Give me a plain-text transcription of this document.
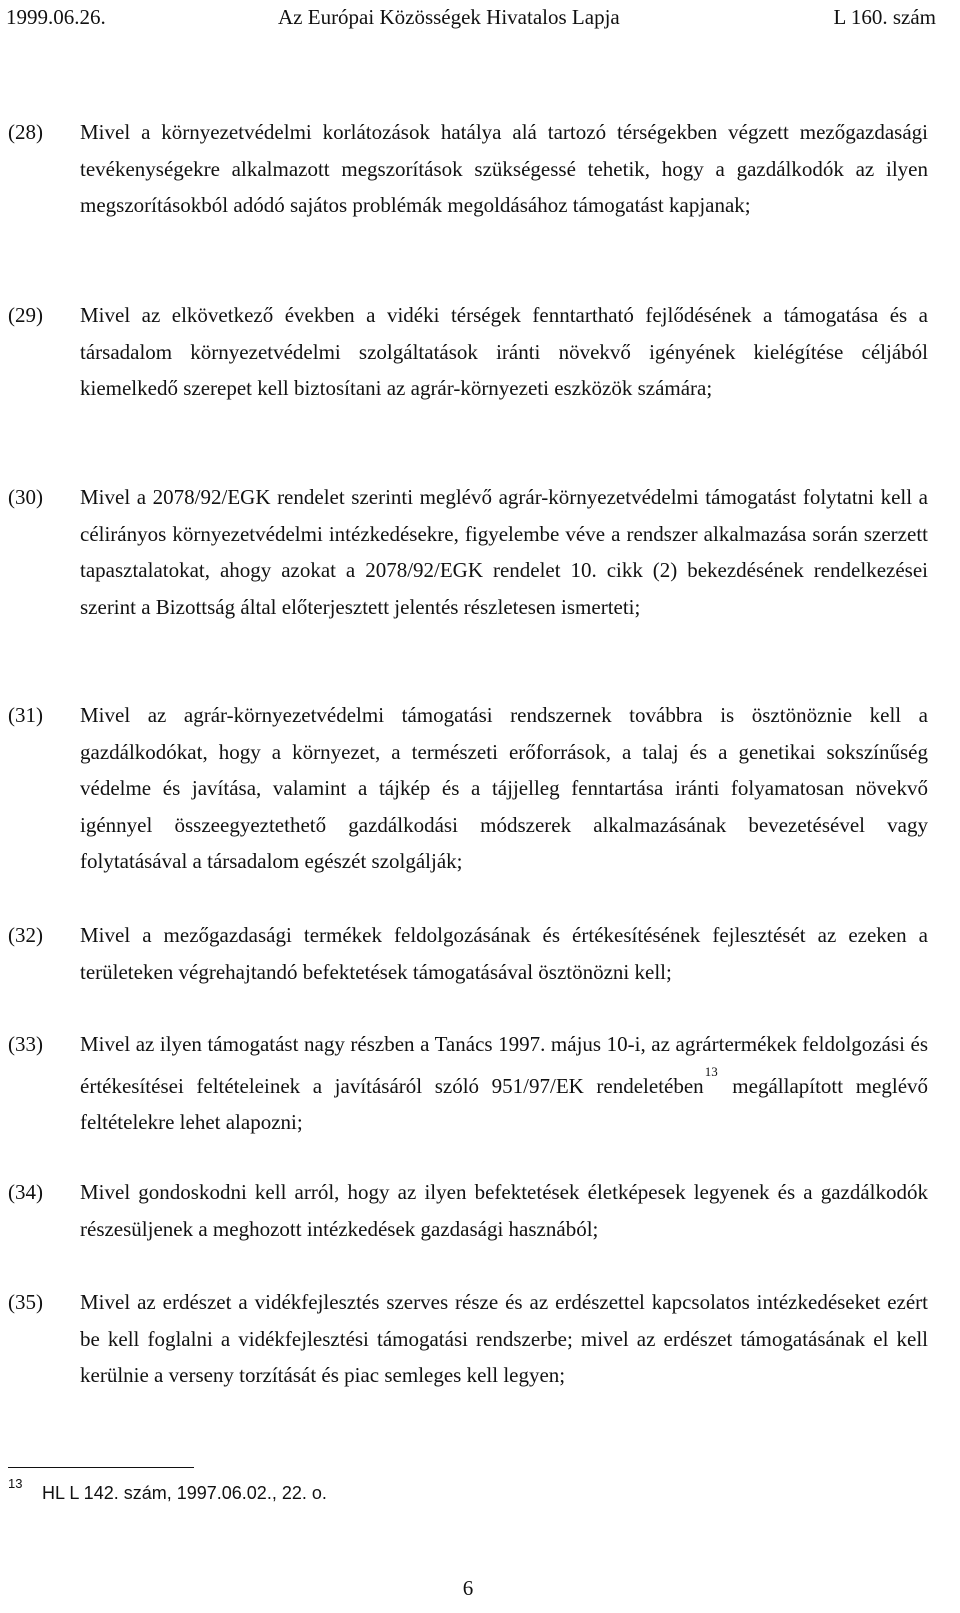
1999.06.26.	Az Európai Közösségek Hivatalos Lapja	L 160. szám
(28) Mivel a környezetvédelmi korlátozások hatálya alá tartozó térségekben végzett mezőgazdasági tevékenységekre alkalmazott megszorítások szükségessé tehetik, hogy a gazdálkodók az ilyen megszorításokból adódó sajátos problémák megoldásához támogatást kapjanak;
(29) Mivel az elkövetkező években a vidéki térségek fenntartható fejlődésének a támogatása és a társadalom környezetvédelmi szolgáltatások iránti növekvő igényének kielégítése céljából kiemelkedő szerepet kell biztosítani az agrár-környezeti eszközök számára;
(30) Mivel a 2078/92/EGK rendelet szerinti meglévő agrár-környezetvédelmi támogatást folytatni kell a célirányos környezetvédelmi intézkedésekre, figyelembe véve a rendszer alkalmazása során szerzett tapasztalatokat, ahogy azokat a 2078/92/EGK rendelet 10. cikk (2) bekezdésének rendelkezései szerint a Bizottság által előterjesztett jelentés részletesen ismerteti;
(31) Mivel az agrár-környezetvédelmi támogatási rendszernek továbbra is ösztönöznie kell a gazdálkodókat, hogy a környezet, a természeti erőforrások, a talaj és a genetikai sokszínűség védelme és javítása, valamint a tájkép és a tájjelleg fenntartása iránti folyamatosan növekvő igénnyel összeegyeztethető gazdálkodási módszerek alkalmazásának bevezetésével vagy folytatásával a társadalom egészét szolgálják;
(32) Mivel a mezőgazdasági termékek feldolgozásának és értékesítésének fejlesztését az ezeken a területeken végrehajtandó befektetések támogatásával ösztönözni kell;
(33) Mivel az ilyen támogatást nagy részben a Tanács 1997. május 10-i, az agrártermékek feldolgozási és értékesítései feltételeinek a javításáról szóló 951/97/EK rendeletében$^{13}$ megállapított meglévő feltételekre lehet alapozni;
(34) Mivel gondoskodni kell arról, hogy az ilyen befektetések életképesek legyenek és a gazdálkodók részesüljenek a meghozott intézkedések gazdasági hasznából;
(35) Mivel az erdészet a vidékfejlesztés szerves része és az erdészettel kapcsolatos intézkedéseket ezért be kell foglalni a vidékfejlesztési támogatási rendszerbe; mivel az erdészet támogatásának el kell kerülnie a verseny torzítását és piac semleges kell legyen;
13 HL L 142. szám, 1997.06.02., 22. o.
6
